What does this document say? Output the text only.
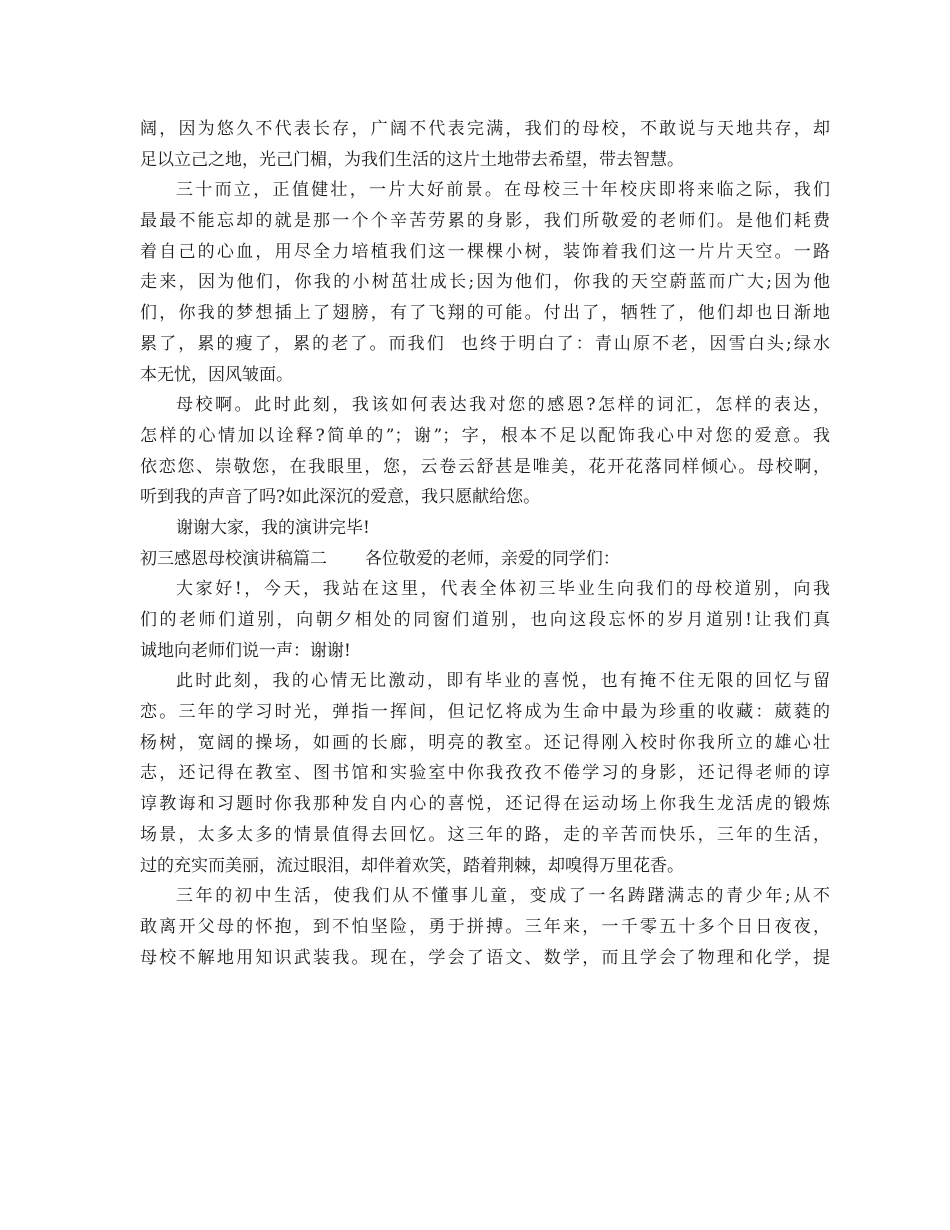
阔，因为悠久不代表长存，广阔不代表完满，我们的母校，不敢说与天地共存，却
足以立己之地，光己门楣，为我们生活的这片土地带去希望，带去智慧。
三十而立，正值健壮，一片大好前景。在母校三十年校庆即将来临之际，我们
最最不能忘却的就是那一个个辛苦劳累的身影，我们所敬爱的老师们。是他们耗费
着自己的心血，用尽全力培植我们这一棵棵小树，装饰着我们这一片片天空。一路
走来，因为他们，你我的小树茁壮成长;因为他们，你我的天空蔚蓝而广大;因为他
们，你我的梦想插上了翅膀，有了飞翔的可能。付出了，牺牲了，他们却也日渐地
累了，累的瘦了，累的老了。而我们  也终于明白了：青山原不老，因雪白头;绿水
本无忧，因风皱面。
母校啊。此时此刻，我该如何表达我对您的感恩?怎样的词汇，怎样的表达，
怎样的心情加以诠释?简单的”；谢”；字，根本不足以配饰我心中对您的爱意。我
依恋您、崇敬您，在我眼里，您，云卷云舒甚是唯美，花开花落同样倾心。母校啊，
听到我的声音了吗?如此深沉的爱意，我只愿献给您。
谢谢大家，我的演讲完毕!
初三感恩母校演讲稿篇二       各位敬爱的老师，亲爱的同学们：
大家好!，今天，我站在这里，代表全体初三毕业生向我们的母校道别，向我
们的老师们道别，向朝夕相处的同窗们道别，也向这段忘怀的岁月道别!让我们真
诚地向老师们说一声：谢谢!
此时此刻，我的心情无比激动，即有毕业的喜悦，也有掩不住无限的回忆与留
恋。三年的学习时光，弹指一挥间，但记忆将成为生命中最为珍重的收藏：葳蕤的
杨树，宽阔的操场，如画的长廊，明亮的教室。还记得刚入校时你我所立的雄心壮
志，还记得在教室、图书馆和实验室中你我孜孜不倦学习的身影，还记得老师的谆
谆教诲和习题时你我那种发自内心的喜悦，还记得在运动场上你我生龙活虎的锻炼
场景，太多太多的情景值得去回忆。这三年的路，走的辛苦而快乐，三年的生活，
过的充实而美丽，流过眼泪，却伴着欢笑，踏着荆棘，却嗅得万里花香。
三年的初中生活，使我们从不懂事儿童，变成了一名踌躇满志的青少年;从不
敢离开父母的怀抱，到不怕坚险，勇于拼搏。三年来，一千零五十多个日日夜夜，
母校不解地用知识武装我。现在，学会了语文、数学，而且学会了物理和化学，提
